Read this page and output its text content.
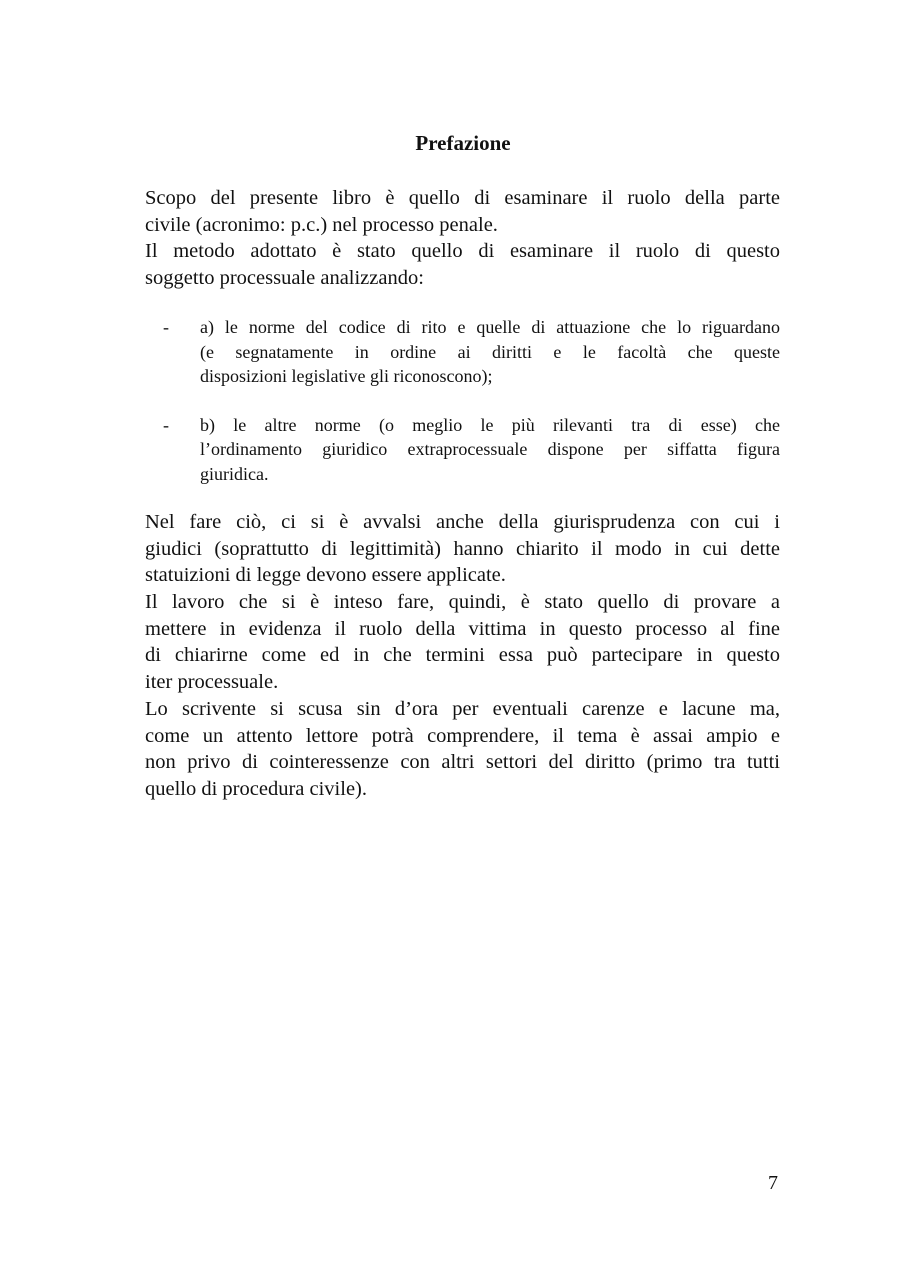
Prefazione
Scopo del presente libro è quello di esaminare il ruolo della parte
civile (acronimo: p.c.) nel processo penale.
Il metodo adottato è stato quello di esaminare il ruolo di questo
soggetto processuale analizzando:
- a) le norme del codice di rito e quelle di attuazione che lo riguardano
(e segnatamente in ordine ai diritti e le facoltà che queste
disposizioni legislative gli riconoscono);
- b) le altre norme (o meglio le più rilevanti tra di esse) che
l’ordinamento giuridico extraprocessuale dispone per siffatta figura
giuridica.
Nel fare ciò, ci si è avvalsi anche della giurisprudenza con cui i
giudici (soprattutto di legittimità) hanno chiarito il modo in cui dette
statuizioni di legge devono essere applicate.
Il lavoro che si è inteso fare, quindi, è stato quello di provare a
mettere in evidenza il ruolo della vittima in questo processo al fine
di chiarirne come ed in che termini essa può partecipare in questo
iter processuale.
Lo scrivente si scusa sin d’ora per eventuali carenze e lacune ma,
come un attento lettore potrà comprendere, il tema è assai ampio e
non privo di cointeressenze con altri settori del diritto (primo tra tutti
quello di procedura civile).
7
